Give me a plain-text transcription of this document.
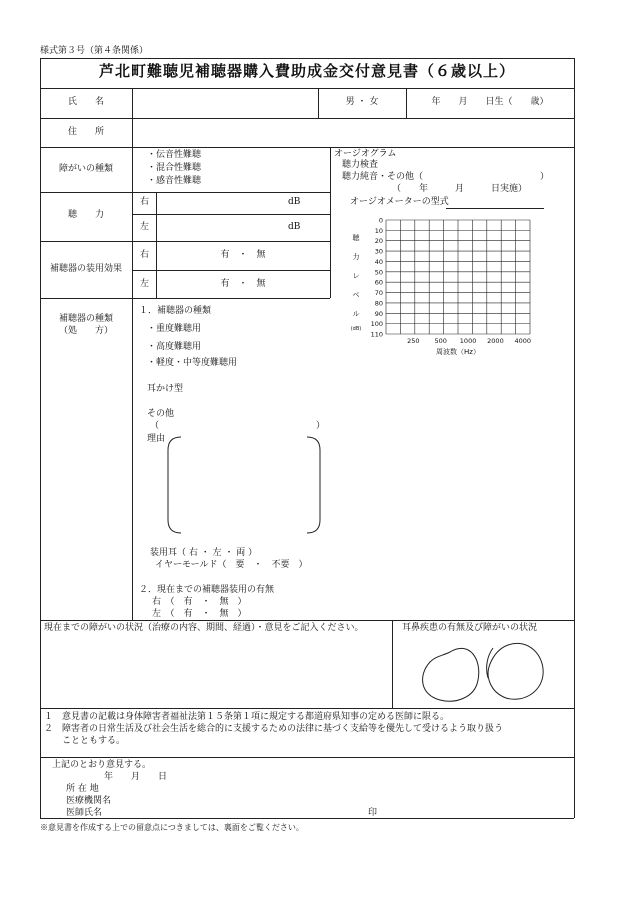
様式第３号（第４条関係）
芦北町難聴児補聴器購入費助成金交付意見書（６歳以上）
氏　　名	男 ・ 女	年　　月　　日生（　　歳）
住　　所
障がいの種類
・伝音性難聴
・混合性難聴
・感音性難聴
聴　　力
右	dB
左	dB
補聴器の装用効果
右	有　・　無
左	有　・　無
補聴器の種類
（処　　方）
１．補聴器の種類
・重度難聴用
・高度難聴用
・軽度・中等度難聴用
耳かけ型
その他
（	）
理由
装用耳（ 右 ・ 左 ・ 両 ）
イヤーモールド（　要　・　不要　）
２．現在までの補聴器装用の有無
右　（　有　・　無　）
左　（　有　・　無　）
オージオグラム
聴力検査
聴力純音・その他（　　　　　　　　　　　　　）
（　　年　　　月　　　日実施）
オージオメーターの型式
0
10
20
30
40
50
60
70
80
90
100
110
250 500 1000 2000 4000
聴
力
レ
ベ
ル
(dB)
周波数（Hz）
現在までの障がいの状況（治療の内容、期間、経過）・意見をご記入ください。	耳鼻疾患の有無及び障がいの状況
１　意見書の記載は身体障害者福祉法第１５条第１項に規定する都道府県知事の定める医師に限る。
２　障害者の日常生活及び社会生活を総合的に支援するための法律に基づく支給等を優先して受けるよう取り扱う
　　ことともする。
上記のとおり意見する。
年　　月　　日
所 在 地
医療機関名
医師氏名	印
※意見書を作成する上での留意点につきましては、裏面をご覧ください。
